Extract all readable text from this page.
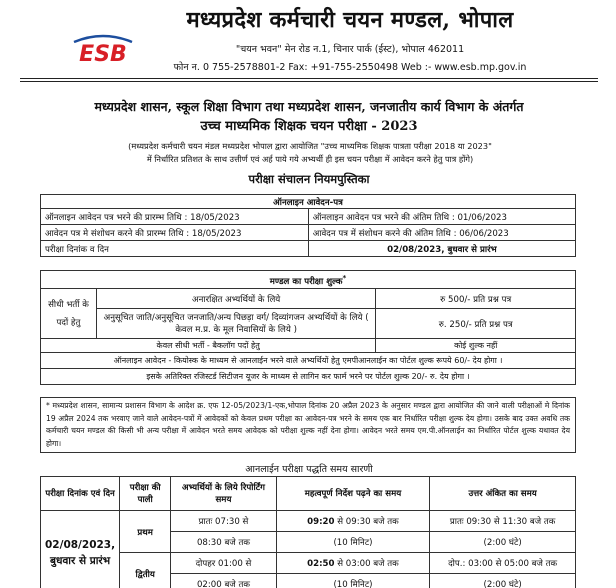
ESB
मध्यप्रदेश कर्मचारी चयन मण्डल, भोपाल
"चयन भवन" मेन रोड न.1, चिनार पार्क (ईस्ट), भोपाल 462011
फोन न. 0 755-2578801-2 Fax: +91-755-2550498 Web :- www.esb.mp.gov.in
मध्यप्रदेश शासन, स्कूल शिक्षा विभाग तथा मध्यप्रदेश शासन, जनजातीय कार्य विभाग के अंतर्गत
उच्च माध्यमिक शिक्षक चयन परीक्षा - 2023
(मध्यप्रदेश कर्मचारी चयन मंडल मध्यप्रदेश भोपाल द्वारा आयोजित "उच्च माध्यमिक शिक्षक पात्रता परीक्षा 2018 या 2023"
में निर्धारित प्रतिशत के साथ उत्तीर्ण एवं अर्ह पाये गये अभ्यर्थी ही इस चयन परीक्षा में आवेदन करने हेतु पात्र होंगे)
परीक्षा संचालन नियमपुस्तिका
ऑनलाइन आवेदन-पत्र	
ऑनलाइन आवेदन पत्र भरने की प्रारम्भ तिथि : 18/05/2023	ऑनलाइन आवेदन पत्र भरने की अंतिम तिथि : 01/06/2023
आवेदन पत्र मे संशोधन करने की प्रारम्भ तिथि : 18/05/2023	आवेदन पत्र में संशोधन करने की अंतिम तिथि : 06/06/2023
परीक्षा दिनांक व दिन	02/08/2023, बुधवार से प्रारंभ
मण्डल का परीक्षा शुल्क*
सीधी भर्ती के पदों हेतु	अनारक्षित अभ्यर्थियों के लिये	रु 500/- प्रति प्रश्न पत्र
	अनुसूचित जाति/अनुसूचित जनजाति/अन्य पिछड़ा वर्ग/ दिव्यांगजन अभ्यर्थियों के लिये ( केवल म.प्र. के मूल निवासियों के लिये )	रु. 250/- प्रति प्रश्न पत्र
केवल सीधी भर्ती - बैकलॉग पदों हेतु		कोई शुल्क नहीं
ऑनलाइन आवेदन - कियोस्क के माध्यम से आनलाईन भरने वाले अभ्यर्थियों हेतु एमपीआनलाईन का पोर्टल शुल्क रूपये 60/- देय होगा ।		
इसके अतिरिक्त रजिस्टर्ड सिटीजन यूजर के माध्यम से लागिन कर फार्म भरने पर पोर्टल शुल्क 20/- रु. देय होगा ।		
* मध्यप्रदेश शासन, सामान्य प्रशासन विभाग के आदेश क्र. एफ 12-05/2023/1-एक,भोपाल दिनांक 20 अप्रैल 2023 के अनुसार मण्डल द्वारा आयोजित की जाने वाली परीक्षाओं मे दिनांक 19 अप्रैल 2024 तक भरवाए जाने वाले आवेदन-पत्रों में आवेदकों को केवल प्रथम परीक्षा का आवेदन-पत्र भरने के समय एक बार निर्धारित परीक्षा शुल्क देय होगा। उसके बाद उक्त अवधि तक कर्मचारी चयन मण्डल की किसी भी अन्य परीक्षा में आवेदन भरते समय आवेदक को परीक्षा शुल्क नहीं देना होगा। आवेदन भरते समय एम.पी.ऑनलाईन का निर्धारित पोर्टल शुल्क यथावत देय होगा।
आनलाईन परीक्षा पद्धति समय सारणी
परीक्षा दिनांक एवं दिन	परीक्षा की पाली	अभ्यर्थियों के लिये रिपोर्टिंग समय	महत्वपूर्ण निर्देश पढ़ने का समय	उत्तर अंकित का समय
02/08/2023, बुधवार से प्रारंभ	प्रथम	प्रातः 07:30 से	09:20 से 09:30 बजे तक	प्रातः 09:30 से 11:30 बजे तक
		08:30 बजे तक	(10 मिनिट)	(2:00 घंटे)
	द्वितीय	दोपहर 01:00 से	02:50 से 03:00 बजे तक	दोप.: 03:00 से 05:00 बजे तक
		02:00 बजे तक	(10 मिनिट)	(2:00 घंटे)
